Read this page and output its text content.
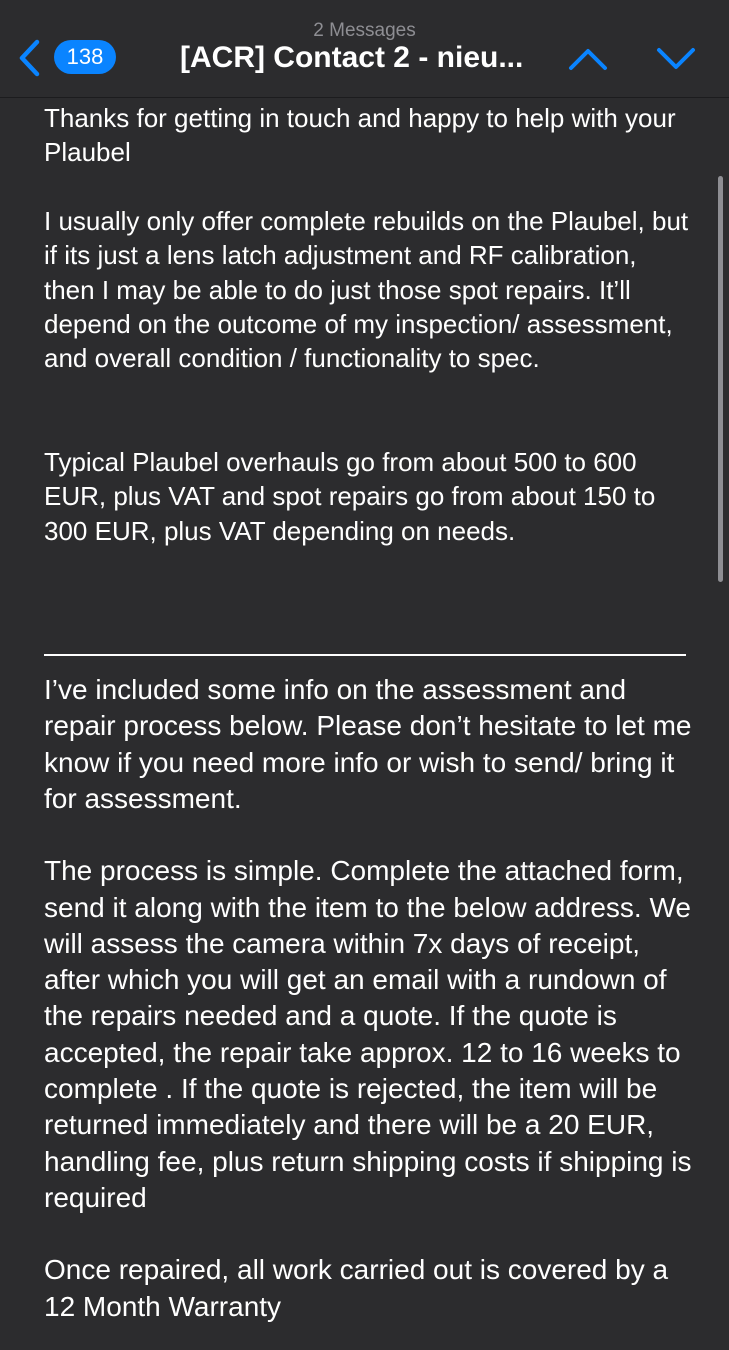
138
2 Messages
[ACR] Contact 2 - nieu...

Thanks for getting in touch and happy to help with your Plaubel

I usually only offer complete rebuilds on the Plaubel, but if its just a lens latch adjustment and RF calibration, then I may be able to do just those spot repairs. It’ll depend on the outcome of my inspection/ assessment, and overall condition / functionality to spec.

Typical Plaubel overhauls go from about 500 to 600 EUR, plus VAT and spot repairs go from about 150 to 300 EUR, plus VAT depending on needs.

I’ve included some info on the assessment and repair process below. Please don’t hesitate to let me know if you need more info or wish to send/ bring it for assessment.

The process is simple. Complete the attached form, send it along with the item to the below address. We will assess the camera within 7x days of receipt, after which you will get an email with a rundown of the repairs needed and a quote. If the quote is accepted, the repair take approx. 12 to 16 weeks to complete . If the quote is rejected, the item will be returned immediately and there will be a 20 EUR, handling fee, plus return shipping costs if shipping is required

Once repaired, all work carried out is covered by a 12 Month Warranty
